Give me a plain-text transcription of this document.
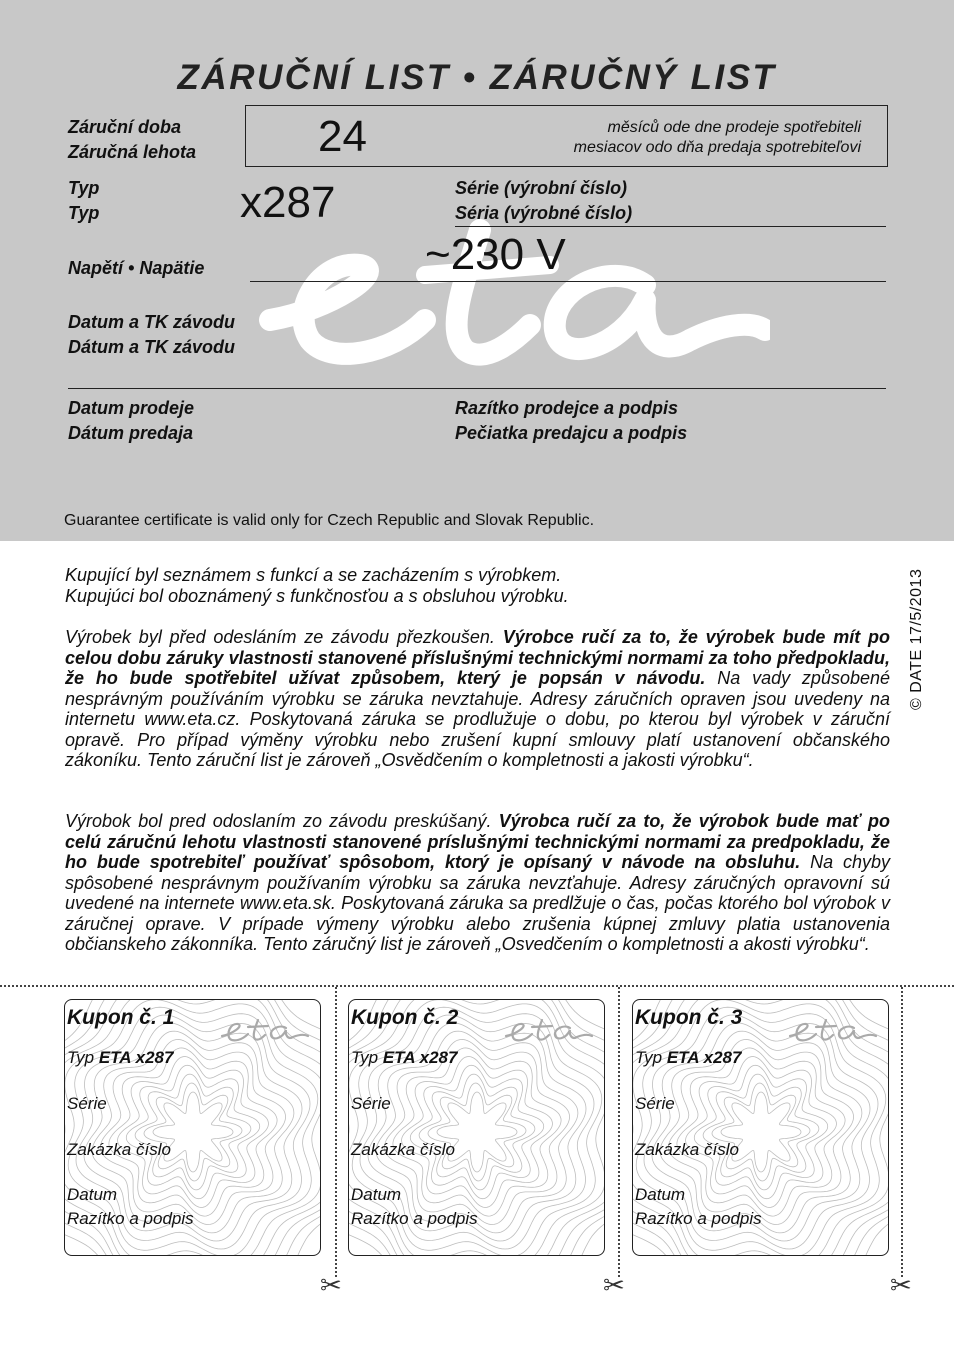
ZÁRUČNÍ LIST • ZÁRUČNÝ LIST
Záruční doba
Záručná lehota	24	měsíců ode dne prodeje spotřebiteli
mesiacov odo dňa predaja spotrebiteľovi
Typ
Typ	x287	Série (výrobní číslo)
Séria (výrobné číslo)
Napětí • Napätie	~230 V
Datum a TK závodu
Dátum a TK závodu
Datum prodeje
Dátum predaja
Razítko prodejce a podpis
Pečiatka predajcu a podpis
Guarantee certificate is valid only for Czech Republic and Slovak Republic.
© DATE 17/5/2013

Kupující byl seznámem s funkcí a se zacházením s výrobkem.

Kupujúci bol oboznámený s funkčnosťou a s obsluhou výrobku.

Výrobek byl před odesláním ze závodu přezkoušen. Výrobce ručí za to, že výrobek bude mít po celou dobu záruky vlastnosti stanovené příslušnými technickými normami za toho předpokladu, že ho bude spotřebitel užívat způsobem, který je popsán v návodu. Na vady způsobené nesprávným používáním výrobku se záruka nevztahuje. Adresy záručních opraven jsou uvedeny na internetu www.eta.cz. Poskytovaná záruka se prodlužuje o dobu, po kterou byl výrobek v záruční opravě. Pro případ výměny výrobku nebo zrušení kupní smlouvy platí ustanovení občanského zákoníku. Tento záruční list je zároveň „Osvědčením o kompletnosti a jakosti výrobku“.

Výrobok bol pred odoslaním zo závodu preskúšaný. Výrobca ručí za to, že výrobok bude mať po celú záručnú lehotu vlastnosti stanovené príslušnými technickými normami za predpokladu, že ho bude spotrebiteľ používať spôsobom, ktorý je opísaný v návode na obsluhu. Na chyby spôsobené nesprávnym používaním výrobku sa záruka nevzťahuje. Adresy záručných opravovní sú uvedené na internete www.eta.sk. Poskytovaná záruka sa predlžuje o čas, počas ktorého bol výrobok v záručnej oprave. V prípade výmeny výrobku alebo zrušenia kúpnej zmluvy platia ustanovenia občianskeho zákonníka. Tento záručný list je zároveň „Osvedčením o kompletnosti a akosti výrobku“.

Kupon č. 1
Typ ETA x287
Série
Zakázka číslo
Datum
Razítko a podpis
Kupon č. 2
Typ ETA x287
Série
Zakázka číslo
Datum
Razítko a podpis
Kupon č. 3
Typ ETA x287
Série
Zakázka číslo
Datum
Razítko a podpis
✂	✂	✂
